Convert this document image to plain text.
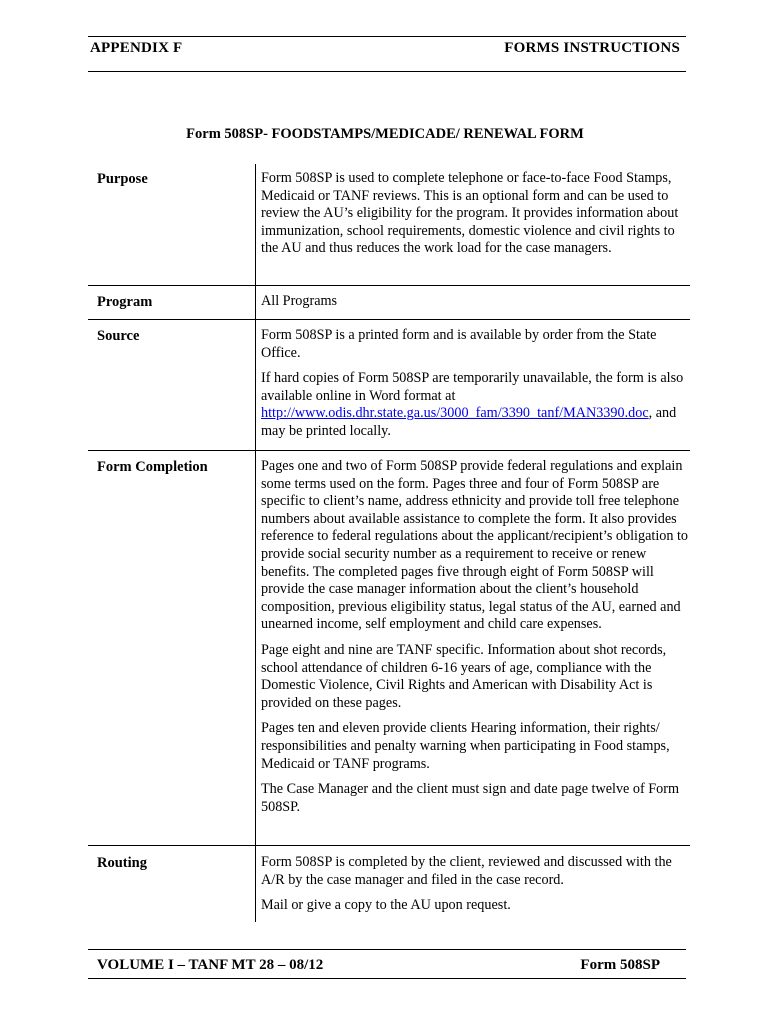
APPENDIX F	FORMS INSTRUCTIONS
Form 508SP- FOODSTAMPS/MEDICADE/ RENEWAL FORM
Purpose	Form 508SP is used to complete telephone or face-to-face Food Stamps, Medicaid or TANF reviews. This is an optional form and can be used to review the AU’s eligibility for the program. It provides information about immunization, school requirements, domestic violence and civil rights to the AU and thus reduces the work load for the case managers.

Program	All Programs

Source	Form 508SP is a printed form and is available by order from the State Office.

If hard copies of Form 508SP are temporarily unavailable, the form is also available online in Word format at http://www.odis.dhr.state.ga.us/3000_fam/3390_tanf/MAN3390.doc, and may be printed locally.

Form Completion	Pages one and two of Form 508SP provide federal regulations and explain some terms used on the form. Pages three and four of Form 508SP are specific to client’s name, address ethnicity and provide toll free telephone numbers about available assistance to complete the form. It also provides reference to federal regulations about the applicant/recipient’s obligation to provide social security number as a requirement to receive or renew benefits. The completed pages five through eight of Form 508SP will provide the case manager information about the client’s household composition, previous eligibility status, legal status of the AU, earned and unearned income, self employment and child care expenses.

Page eight and nine are TANF specific. Information about shot records, school attendance of children 6-16 years of age, compliance with the Domestic Violence, Civil Rights and American with Disability Act is provided on these pages.

Pages ten and eleven provide clients Hearing information, their rights/ responsibilities and penalty warning when participating in Food stamps, Medicaid or TANF programs.

The Case Manager and the client must sign and date page twelve of Form 508SP.

Routing	Form 508SP is completed by the client, reviewed and discussed with the A/R by the case manager and filed in the case record.

Mail or give a copy to the AU upon request.

VOLUME I – TANF MT 28 – 08/12	Form 508SP
